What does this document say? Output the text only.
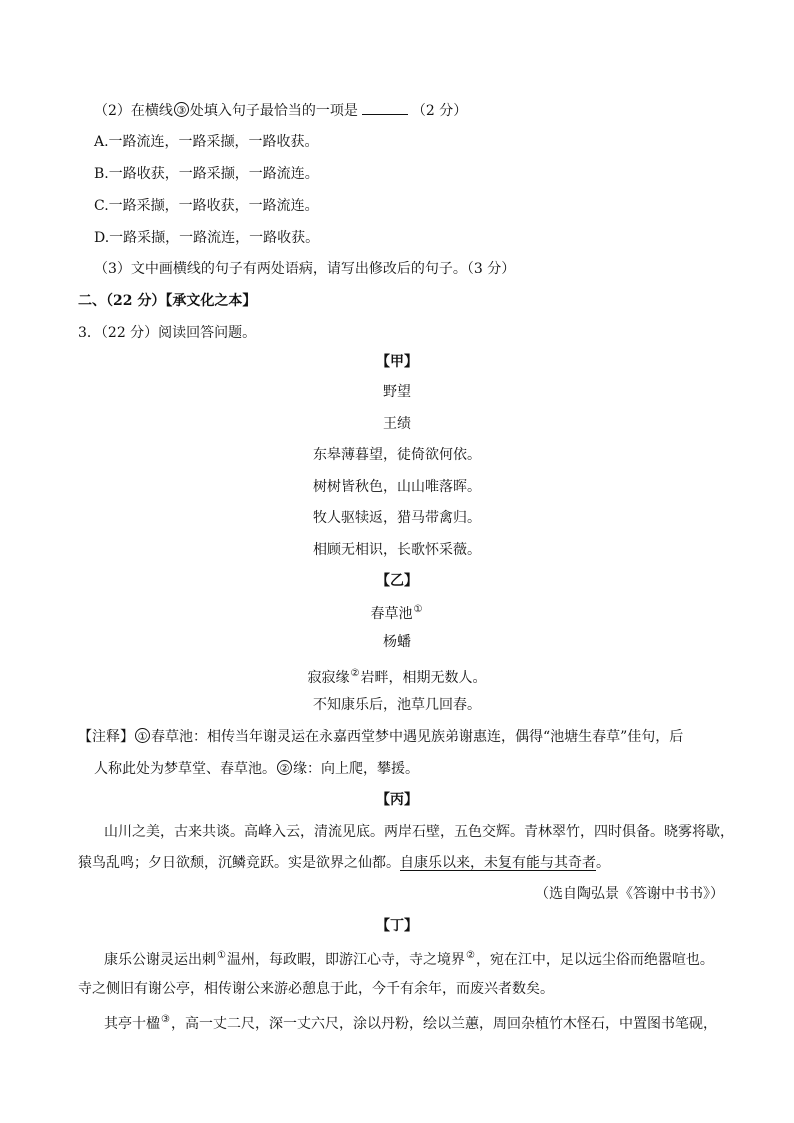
（2）在横线 ③ 处填入句子最恰当的一项是	（2 分）
A.一路流连，一路采撷，一路收获。
B.一路收获，一路采撷，一路流连。
C.一路采撷，一路收获，一路流连。
D.一路采撷，一路流连，一路收获。
（3）文中画横线的句子有两处语病，请写出修改后的句子。（3 分）
二、（22 分）【承文化之本】
3．（22 分）阅读回答问题。
【甲】
野望
王绩
东皋薄暮望，徒倚欲何依。
树树皆秋色，山山唯落晖。
牧人驱犊返，猎马带禽归。
相顾无相识，长歌怀采薇。
【乙】
春草池①
杨蟠
寂寂缘②岩畔，相期无数人。
不知康乐后，池草几回春。
【注释】 ① 春草池：相传当年谢灵运在永嘉西堂梦中遇见族弟谢惠连，偶得“池塘生春草”佳句，后
人称此处为梦草堂、春草池。 ② 缘：向上爬，攀援。
【丙】
山川之美，古来共谈。高峰入云，清流见底。两岸石壁，五色交辉。青林翠竹，四时俱备。晓雾将歇，
猿鸟乱鸣；夕日欲颓，沉鳞竞跃。实是欲界之仙都。自康乐以来，未复有能与其奇者。
（选自陶弘景《答谢中书书》）
【丁】
康乐公谢灵运出刺①温州，每政暇，即游江心寺，寺之境界②，宛在江中，足以远尘俗而绝嚣喧也。
寺之侧旧有谢公亭，相传谢公来游必憩息于此，今千有余年，而废兴者数矣。
其亭十楹③，高一丈二尺，深一丈六尺，涂以丹粉，绘以兰蕙，周回杂植竹木怪石，中置图书笔砚，
